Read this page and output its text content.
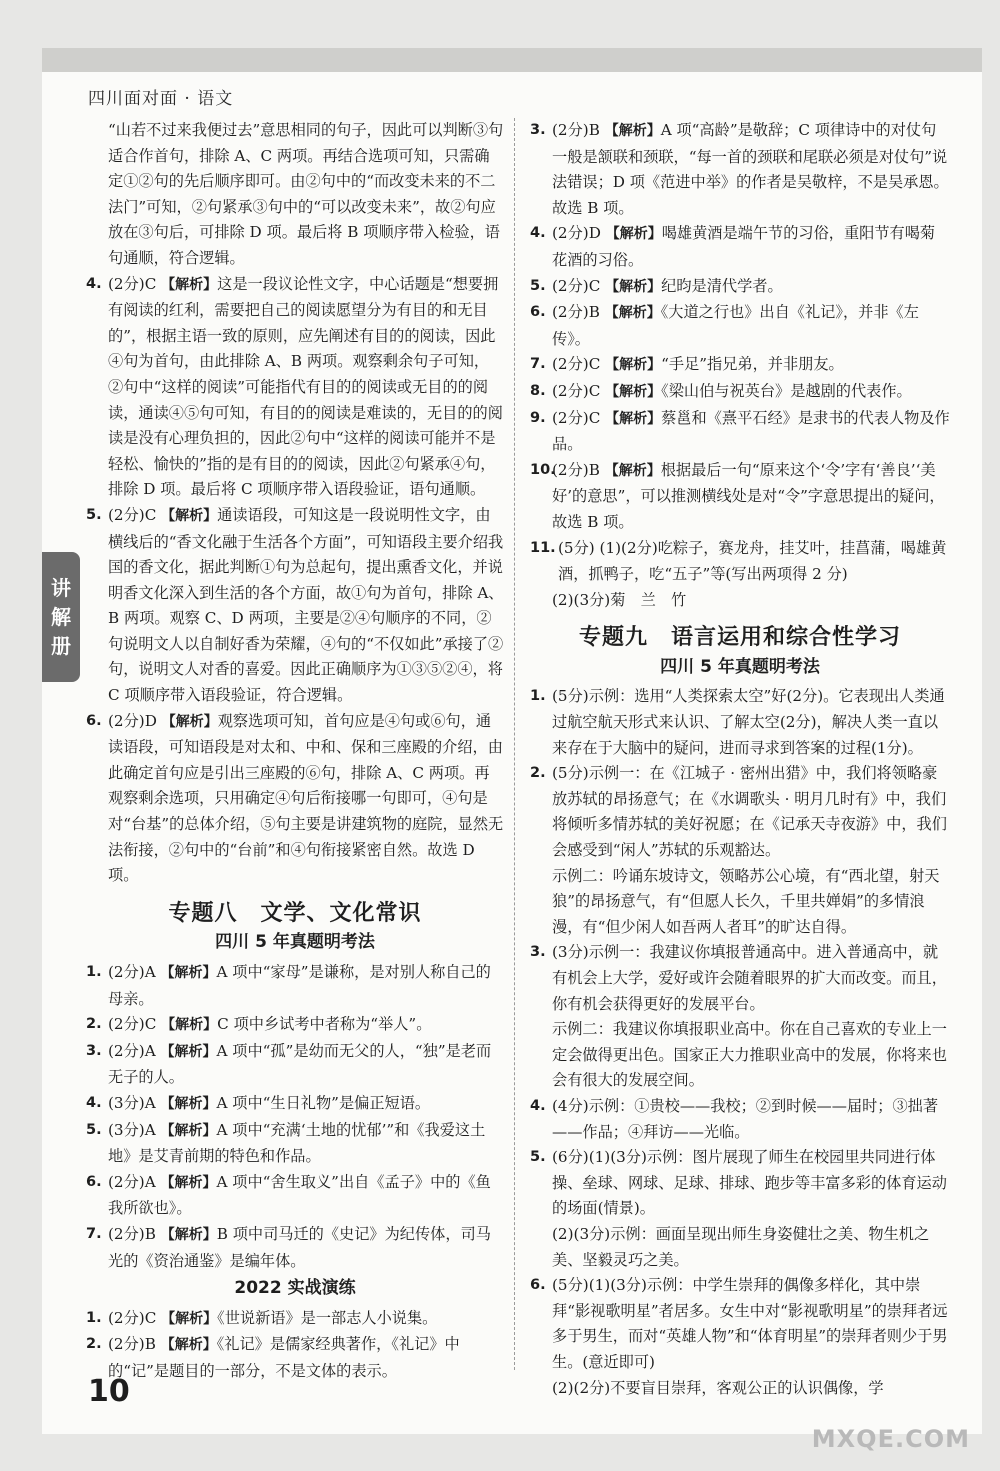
四川面对面 · 语文
讲
解
册

“山若不过来我便过去”意思相同的句子，因此可以判断③句适合作首句，排除 A、C 两项。再结合选项可知，只需确定①②句的先后顺序即可。由②句中的“而改变未来的不二法门”可知，②句紧承③句中的“可以改变未来”，故②句应放在③句后，可排除 D 项。最后将 B 项顺序带入检验，语句通顺，符合逻辑。

4. (2分)C 【解析】这是一段议论性文字，中心话题是“想要拥有阅读的红利，需要把自己的阅读愿望分为有目的和无目的”，根据主语一致的原则，应先阐述有目的的阅读，因此④句为首句，由此排除 A、B 两项。观察剩余句子可知，②句中“这样的阅读”可能指代有目的的阅读或无目的的阅读，通读④⑤句可知，有目的的阅读是难读的，无目的的阅读是没有心理负担的，因此②句中“这样的阅读可能并不是轻松、愉快的”指的是有目的的阅读，因此②句紧承④句，排除 D 项。最后将 C 项顺序带入语段验证，语句通顺。
5. (2分)C 【解析】通读语段，可知这是一段说明性文字，由横线后的“香文化融于生活各个方面”，可知语段主要介绍我国的香文化，据此判断①句为总起句，提出熏香文化，并说明香文化深入到生活的各个方面，故①句为首句，排除 A、B 两项。观察 C、D 两项，主要是②④句顺序的不同，②句说明文人以自制好香为荣耀，④句的“不仅如此”承接了②句，说明文人对香的喜爱。因此正确顺序为①③⑤②④，将 C 项顺序带入语段验证，符合逻辑。
6. (2分)D 【解析】观察选项可知，首句应是④句或⑥句，通读语段，可知语段是对太和、中和、保和三座殿的介绍，由此确定首句应是引出三座殿的⑥句，排除 A、C 两项。再观察剩余选项，只用确定④句后衔接哪一句即可，④句是对“台基”的总体介绍，⑤句主要是讲建筑物的庭院，显然无法衔接，②句中的“台前”和④句衔接紧密自然。故选 D 项。
专题八　文学、文化常识
四川 5 年真题明考法
1. (2分)A 【解析】A 项中“家母”是谦称，是对别人称自己的母亲。
2. (2分)C 【解析】C 项中乡试考中者称为“举人”。
3. (2分)A 【解析】A 项中“孤”是幼而无父的人，“独”是老而无子的人。
4. (3分)A 【解析】A 项中“生日礼物”是偏正短语。
5. (3分)A 【解析】A 项中“充满‘土地的忧郁’”和《我爱这土地》是艾青前期的特色和作品。
6. (2分)A 【解析】A 项中“舍生取义”出自《孟子》中的《鱼我所欲也》。
7. (2分)B 【解析】B 项中司马迁的《史记》为纪传体，司马光的《资治通鉴》是编年体。
2022 实战演练
1. (2分)C 【解析】《世说新语》是一部志人小说集。
2. (2分)B 【解析】《礼记》是儒家经典著作，《礼记》中的“记”是题目的一部分，不是文体的表示。
3. (2分)B 【解析】A 项“高龄”是敬辞；C 项律诗中的对仗句一般是颔联和颈联，“每一首的颈联和尾联必须是对仗句”说法错误；D 项《范进中举》的作者是吴敬梓，不是吴承恩。故选 B 项。
4. (2分)D 【解析】喝雄黄酒是端午节的习俗，重阳节有喝菊花酒的习俗。
5. (2分)C 【解析】纪昀是清代学者。
6. (2分)B 【解析】《大道之行也》出自《礼记》，并非《左传》。
7. (2分)C 【解析】“手足”指兄弟，并非朋友。
8. (2分)C 【解析】《梁山伯与祝英台》是越剧的代表作。
9. (2分)C 【解析】蔡邕和《熹平石经》是隶书的代表人物及作品。
10.
(2分)B 【解析】根据最后一句“原来这个‘令’字有‘善良’‘美好’的意思”，可以推测横线处是对“令”字意思提出的疑问，故选 B 项。
11. (5分) (1)(2分)吃粽子，赛龙舟，挂艾叶，挂菖蒲，喝雄黄酒，抓鸭子，吃“五子”等(写出两项得 2 分)

(2)(3分)菊　兰　竹

专题九　语言运用和综合性学习
四川 5 年真题明考法
1. (5分)示例：选用“人类探索太空”好(2分)。它表现出人类通过航空航天形式来认识、了解太空(2分)，解决人类一直以来存在于大脑中的疑问，进而寻求到答案的过程(1分)。
2. (5分)示例一：在《江城子 · 密州出猎》中，我们将领略豪放苏轼的昂扬意气；在《水调歌头 · 明月几时有》中，我们将倾听多情苏轼的美好祝愿；在《记承天寺夜游》中，我们会感受到“闲人”苏轼的乐观豁达。
示例二：吟诵东坡诗文，领略苏公心境，有“西北望，射天狼”的昂扬意气，有“但愿人长久，千里共婵娟”的多情浪漫，有“但少闲人如吾两人者耳”的旷达自得。
3. (3分)示例一：我建议你填报普通高中。进入普通高中，就有机会上大学，爱好或许会随着眼界的扩大而改变。而且，你有机会获得更好的发展平台。
示例二：我建议你填报职业高中。你在自己喜欢的专业上一定会做得更出色。国家正大力推职业高中的发展，你将来也会有很大的发展空间。
4. (4分)示例：①贵校——我校；②到时候——届时；③拙著——作品；④拜访——光临。
5. (6分)(1)(3分)示例：图片展现了师生在校园里共同进行体操、垒球、网球、足球、排球、跑步等丰富多彩的体育运动的场面(情景)。
(2)(3分)示例：画面呈现出师生身姿健壮之美、物生机之美、坚毅灵巧之美。
6. (5分)(1)(3分)示例：中学生崇拜的偶像多样化，其中崇拜“影视歌明星”者居多。女生中对“影视歌明星”的崇拜者远多于男生，而对“英雄人物”和“体育明星”的崇拜者则少于男生。(意近即可)
(2)(2分)不要盲目崇拜，客观公正的认识偶像，学
10
MXQE.COM
